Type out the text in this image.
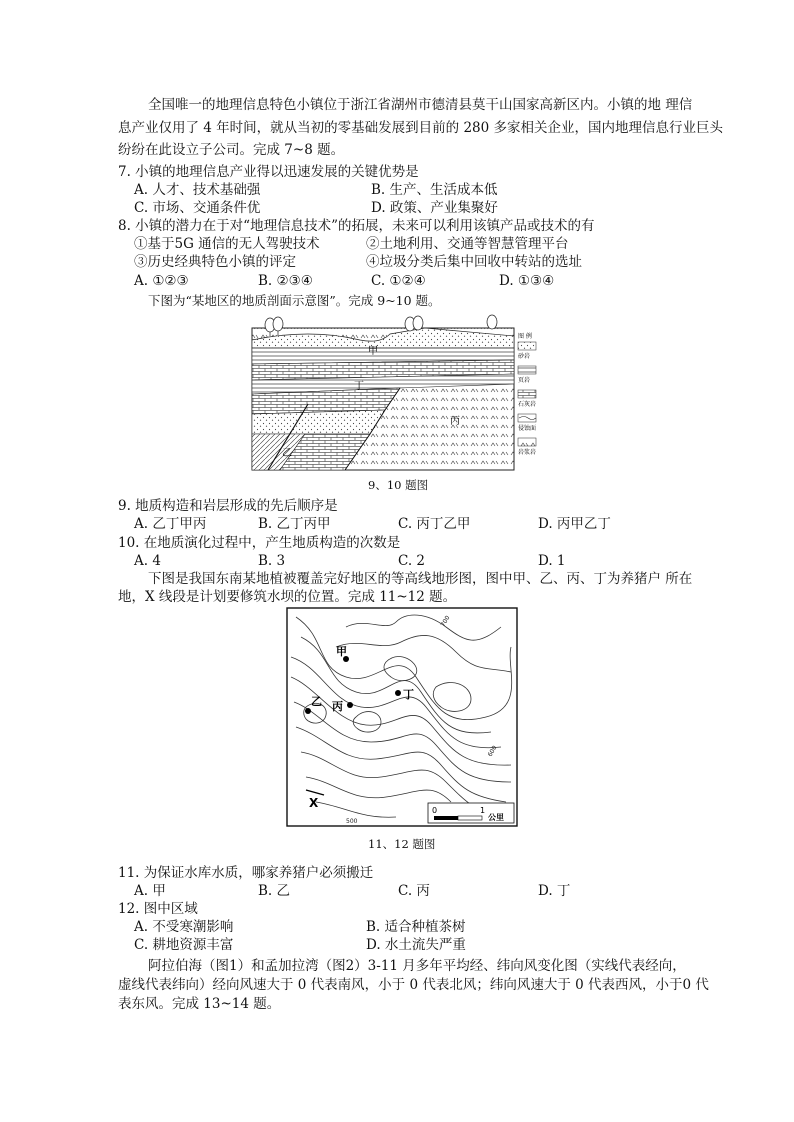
全国唯一的地理信息特色小镇位于浙江省湖州市德清县莫干山国家高新区内。小镇的地 理信
息产业仅用了 4 年时间，就从当初的零基础发展到目前的 280 多家相关企业，国内地理信息行业巨头
纷纷在此设立子公司。完成 7~8 题。
7. 小镇的地理信息产业得以迅速发展的关键优势是
A. 人才、技术基础强	B. 生产、生活成本低
C. 市场、交通条件优	D. 政策、产业集聚好
8. 小镇的潜力在于对“地理信息技术”的拓展，未来可以利用该镇产品或技术的有
①基于5G 通信的无人驾驶技术	②土地利用、交通等智慧管理平台
③历史经典特色小镇的评定	④垃圾分类后集中回收中转站的选址
A. ①②③	B. ②③④	C. ①②④	D. ①③④
下图为“某地区的地质剖面示意图”。完成 9~10 题。
甲
丁
丙
乙
图 例
砂岩
页岩
石灰岩
侵蚀面
岩浆岩
9、10 题图
9. 地质构造和岩层形成的先后顺序是
A. 乙丁甲丙	B. 乙丁丙甲	C. 丙丁乙甲	D. 丙甲乙丁
10. 在地质演化过程中，产生地质构造的次数是
A. 4	B. 3	C. 2	D. 1
下图是我国东南某地植被覆盖完好地区的等高线地形图，图中甲、乙、丙、丁为养猪户 所在
地，X 线段是计划要修筑水坝的位置。完成 11~12 题。
700
600
500
甲
乙 丙
丁
X
0	1
公里
11、12 题图
11. 为保证水库水质，哪家养猪户必须搬迁
A. 甲	B. 乙	C. 丙	D. 丁
12. 图中区域
A. 不受寒潮影响	B. 适合种植茶树
C. 耕地资源丰富	D. 水土流失严重
阿拉伯海（图1）和孟加拉湾（图2）3-11 月多年平均经、纬向风变化图（实线代表经向，
虚线代表纬向）经向风速大于 0 代表南风，小于 0 代表北风；纬向风速大于 0 代表西风，小于0 代
表东风。完成 13~14 题。
